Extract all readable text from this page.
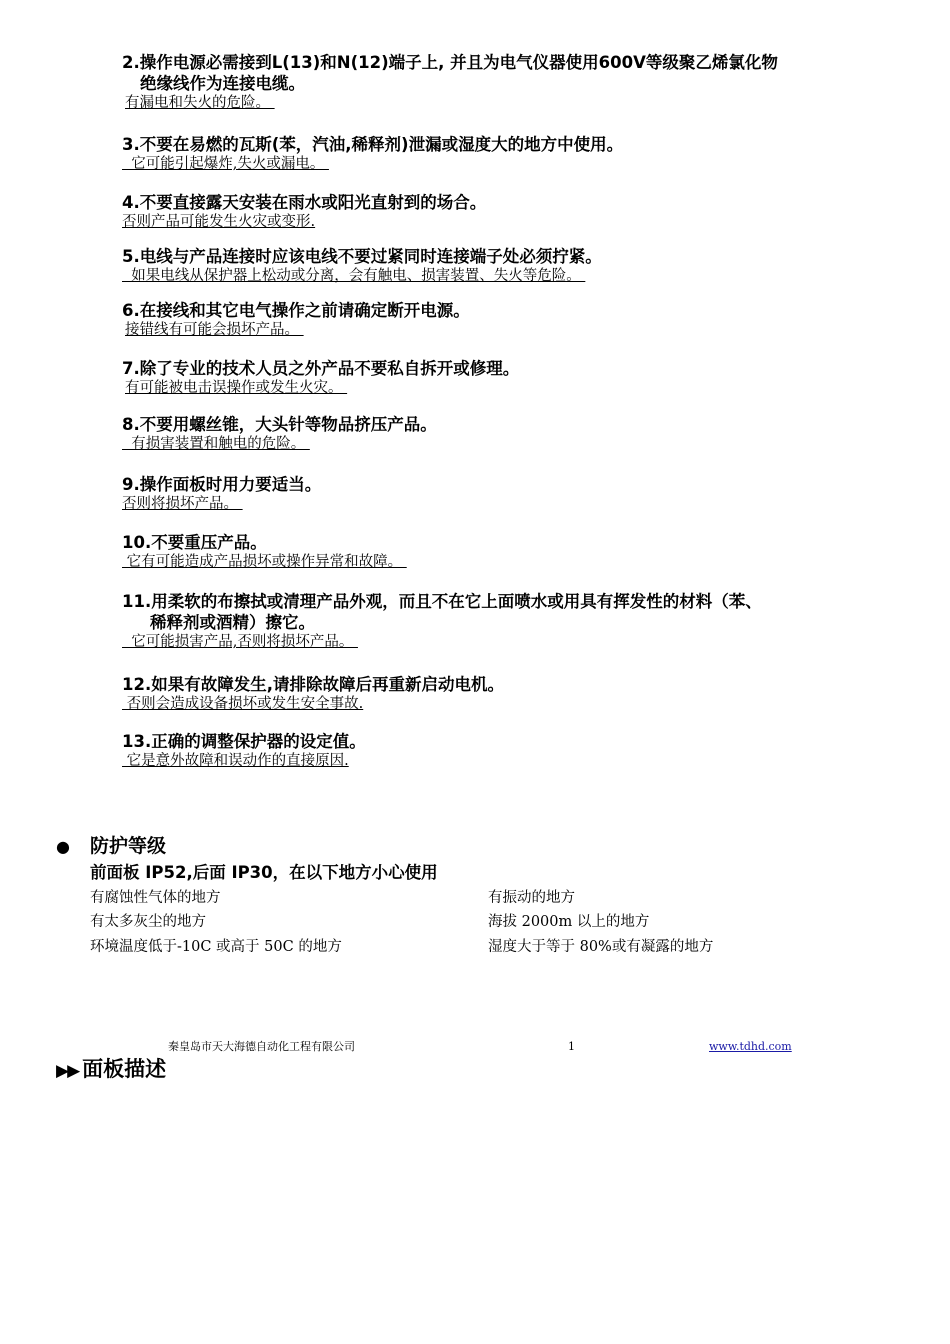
2.操作电源必需接到L(13)和N(12)端子上, 并且为电气仪器使用600V等级聚乙烯氯化物
绝缘线作为连接电缆。

有漏电和失火的危险。

3.不要在易燃的瓦斯(苯，汽油,稀释剂)泄漏或湿度大的地方中使用。

它可能引起爆炸,失火或漏电。

4.不要直接露天安装在雨水或阳光直射到的场合。

否则产品可能发生火灾或变形.

5.电线与产品连接时应该电线不要过紧同时连接端子处必须拧紧。

如果电线从保护器上松动或分离，会有触电、损害装置、失火等危险。

6.在接线和其它电气操作之前请确定断开电源。

接错线有可能会损坏产品。

7.除了专业的技术人员之外产品不要私自拆开或修理。

有可能被电击误操作或发生火灾。

8.不要用螺丝锥，大头针等物品挤压产品。

有损害装置和触电的危险。

9.操作面板时用力要适当。

否则将损坏产品。

10.不要重压产品。

它有可能造成产品损坏或操作异常和故障。

11.用柔软的布擦拭或清理产品外观，而且不在它上面喷水或用具有挥发性的材料（苯、
稀释剂或酒精）擦它。

它可能损害产品,否则将损坏产品。

12.如果有故障发生,请排除故障后再重新启动电机。

否则会造成设备损坏或发生安全事故.

13.正确的调整保护器的设定值。

它是意外故障和误动作的直接原因.

● 防护等级
前面板 IP52,后面 IP30，在以下地方小心使用
有腐蚀性气体的地方
有太多灰尘的地方
环境温度低于-10C 或高于 50C 的地方
有振动的地方
海拔 2000m 以上的地方
湿度大于等于 80%或有凝露的地方
秦皇岛市天大海德自动化工程有限公司	1	www.tdhd.com
▶▶ 面板描述
